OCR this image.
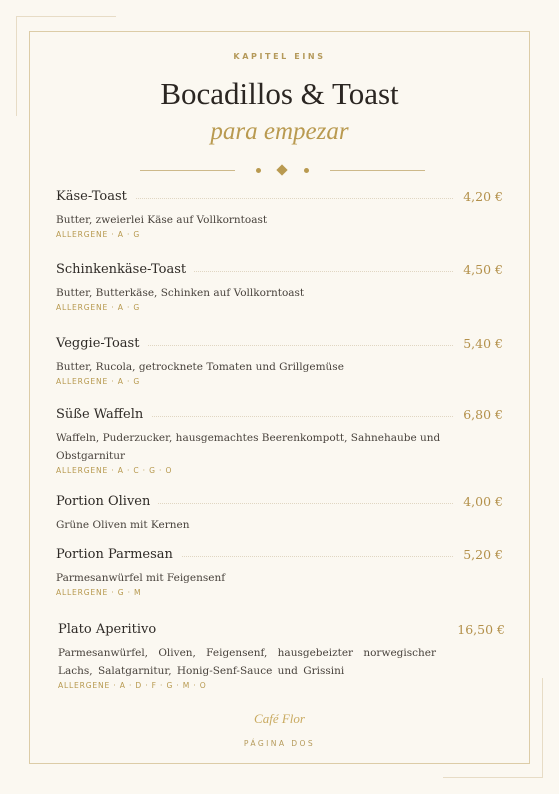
KAPITEL EINS
Bocadillos & Toast
para empezar
Käse-Toast	4,20 €
Butter, zweierlei Käse auf Vollkorntoast
ALLERGENE · A · G
Schinkenkäse-Toast	4,50 €
Butter, Butterkäse, Schinken auf Vollkorntoast
ALLERGENE · A · G
Veggie-Toast	5,40 €
Butter, Rucola, getrocknete Tomaten und Grillgemüse
ALLERGENE · A · G
Süße Waffeln	6,80 €
Waffeln, Puderzucker, hausgemachtes Beerenkompott, Sahnehaube und Obstgarnitur
ALLERGENE · A · C · G · O
Portion Oliven	4,00 €
Grüne Oliven mit Kernen
Portion Parmesan	5,20 €
Parmesanwürfel mit Feigensenf
ALLERGENE · G · M
Plato Aperitivo	16,50 €
Parmesanwürfel, Oliven, Feigensenf, hausgebeizter norwegischer Lachs, Salatgarnitur, Honig-Senf-Sauce und Grissini
ALLERGENE · A · D · F · G · M · O
Café Flor
PÁGINA DOS
